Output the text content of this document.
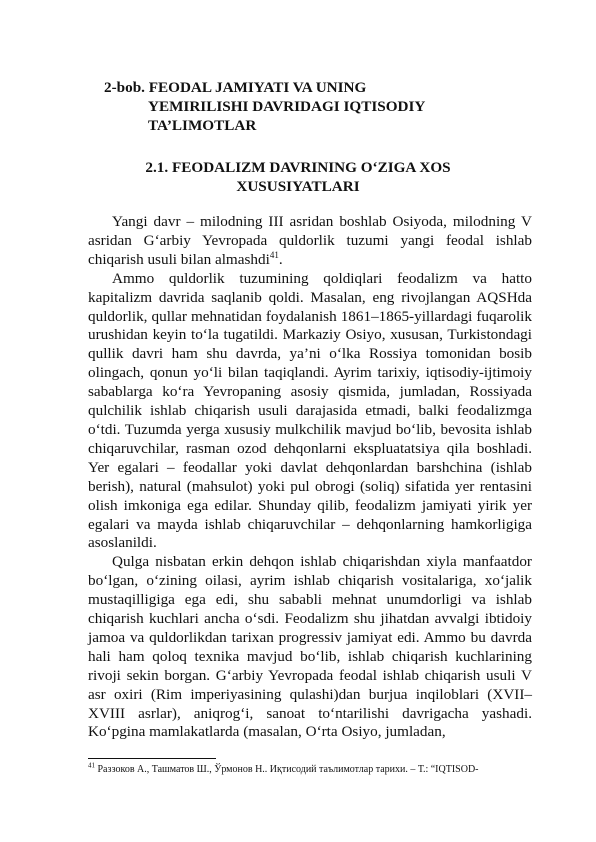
2-bob. FEODAL JAMIYATI VA UNING
YEMIRILISHI DAVRIDAGI IQTISODIY
TA’LIMOTLAR
2.1. FEODALIZM DAVRINING O‘ZIGA XOS
XUSUSIYATLARI

Yangi davr – milodning III asridan boshlab Osiyoda, milodning V asridan G‘arbiy Yevropada quldorlik tuzumi yangi feodal ishlab chiqarish usuli bilan almashdi$^{41}$.

Ammo quldorlik tuzumining qoldiqlari feodalizm va hatto kapitalizm davrida saqlanib qoldi. Masalan, eng rivojlangan AQSHda quldorlik, qullar mehnatidan foydalanish 1861–1865-yillardagi fuqarolik urushidan keyin to‘la tugatildi. Markaziy Osiyo, xususan, Turkistondagi qullik davri ham shu davrda, ya’ni o‘lka Rossiya tomonidan bosib olingach, qonun yo‘li bilan taqiqlandi. Ayrim tarixiy, iqtisodiy-ijtimoiy sabablarga ko‘ra Yevropaning asosiy qismida, jumladan, Rossiyada qulchilik ishlab chiqarish usuli darajasida etmadi, balki feodalizmga o‘tdi. Tuzumda yerga xususiy mulkchilik mavjud bo‘lib, bevosita ishlab chiqaruvchilar, rasman ozod dehqonlarni ekspluatatsiya qila boshladi. Yer egalari – feodallar yoki davlat dehqonlardan barshchina (ishlab berish), natural (mahsulot) yoki pul obrogi (soliq) sifatida yer rentasini olish imkoniga ega edilar. Shunday qilib, feodalizm jamiyati yirik yer egalari va mayda ishlab chiqaruvchilar – dehqonlarning hamkorligiga asoslanildi.

Qulga nisbatan erkin dehqon ishlab chiqarishdan xiyla manfaatdor bo‘lgan, o‘zining oilasi, ayrim ishlab chiqarish vositalariga, xo‘jalik mustaqilligiga ega edi, shu sababli mehnat unumdorligi va ishlab chiqarish kuchlari ancha o‘sdi. Feodalizm shu jihatdan avvalgi ibtidoiy jamoa va quldorlikdan tarixan progressiv jamiyat edi. Ammo bu davrda hali ham qoloq texnika mavjud bo‘lib, ishlab chiqarish kuchlarining rivoji sekin borgan. G‘arbiy Yevropada feodal ishlab chiqarish usuli V asr oxiri (Rim imperiyasining qulashi)dan burjua inqiloblari (XVII–XVIII asrlar), aniqrog‘i, sanoat to‘ntarilishi davrigacha yashadi. Ko‘pgina mamlakatlarda (masalan, O‘rta Osiyo, jumladan,

$^{41}$ Раззоков А., Ташматов Ш., Ўрмонов Н.. Иқтисодий таълимотлар тарихи. – Т.: “IQTISOD-
